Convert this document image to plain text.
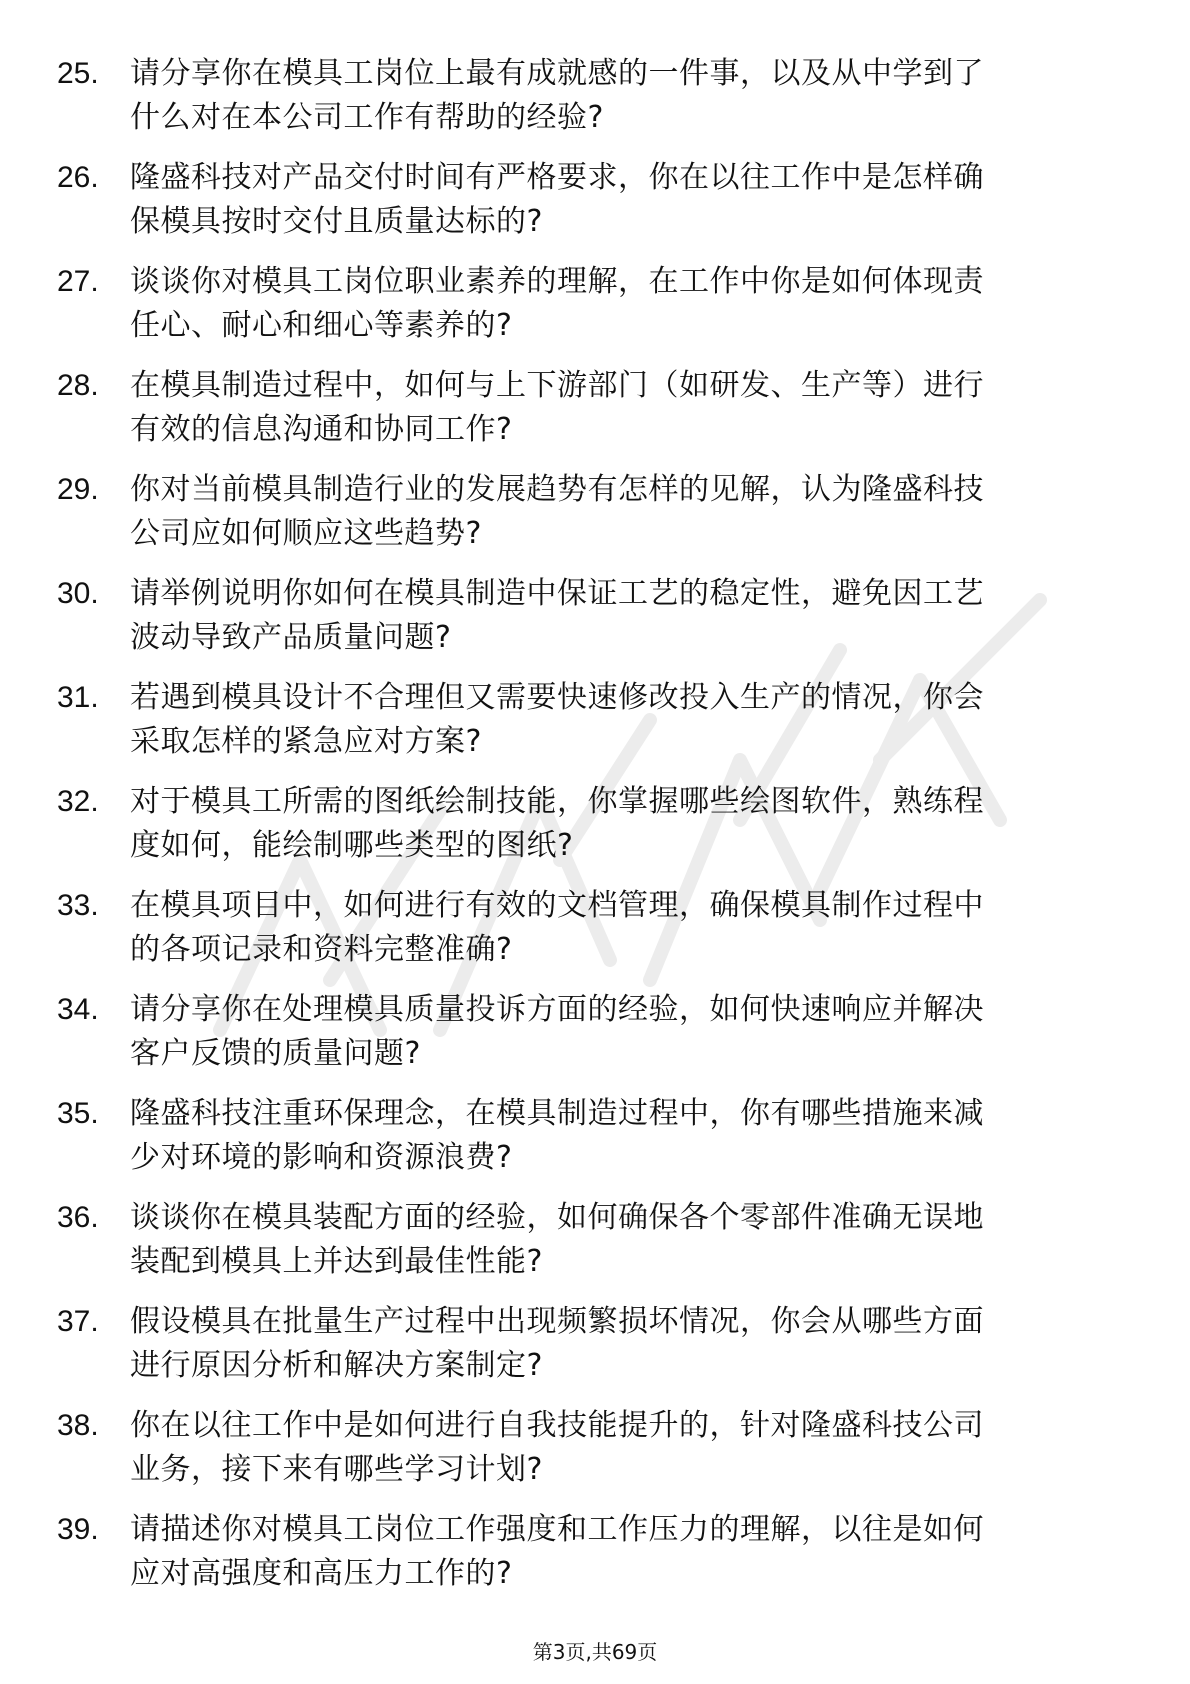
25.	请分享你在模具工岗位上最有成就感的一件事，以及从中学到了
什么对在本公司工作有帮助的经验?
26.	隆盛科技对产品交付时间有严格要求，你在以往工作中是怎样确
保模具按时交付且质量达标的?
27.	谈谈你对模具工岗位职业素养的理解，在工作中你是如何体现责
任心、耐心和细心等素养的?
28.	在模具制造过程中，如何与上下游部门（如研发、生产等）进行
有效的信息沟通和协同工作?
29.	你对当前模具制造行业的发展趋势有怎样的见解，认为隆盛科技
公司应如何顺应这些趋势?
30.	请举例说明你如何在模具制造中保证工艺的稳定性，避免因工艺
波动导致产品质量问题?
31.	若遇到模具设计不合理但又需要快速修改投入生产的情况，你会
采取怎样的紧急应对方案?
32.	对于模具工所需的图纸绘制技能，你掌握哪些绘图软件，熟练程
度如何，能绘制哪些类型的图纸?
33.	在模具项目中，如何进行有效的文档管理，确保模具制作过程中
的各项记录和资料完整准确?
34.	请分享你在处理模具质量投诉方面的经验，如何快速响应并解决
客户反馈的质量问题?
35.	隆盛科技注重环保理念，在模具制造过程中，你有哪些措施来减
少对环境的影响和资源浪费?
36.	谈谈你在模具装配方面的经验，如何确保各个零部件准确无误地
装配到模具上并达到最佳性能?
37.	假设模具在批量生产过程中出现频繁损坏情况，你会从哪些方面
进行原因分析和解决方案制定?
38.	你在以往工作中是如何进行自我技能提升的，针对隆盛科技公司
业务，接下来有哪些学习计划?
39.	请描述你对模具工岗位工作强度和工作压力的理解，以往是如何
应对高强度和高压力工作的?
第3页,共69页
